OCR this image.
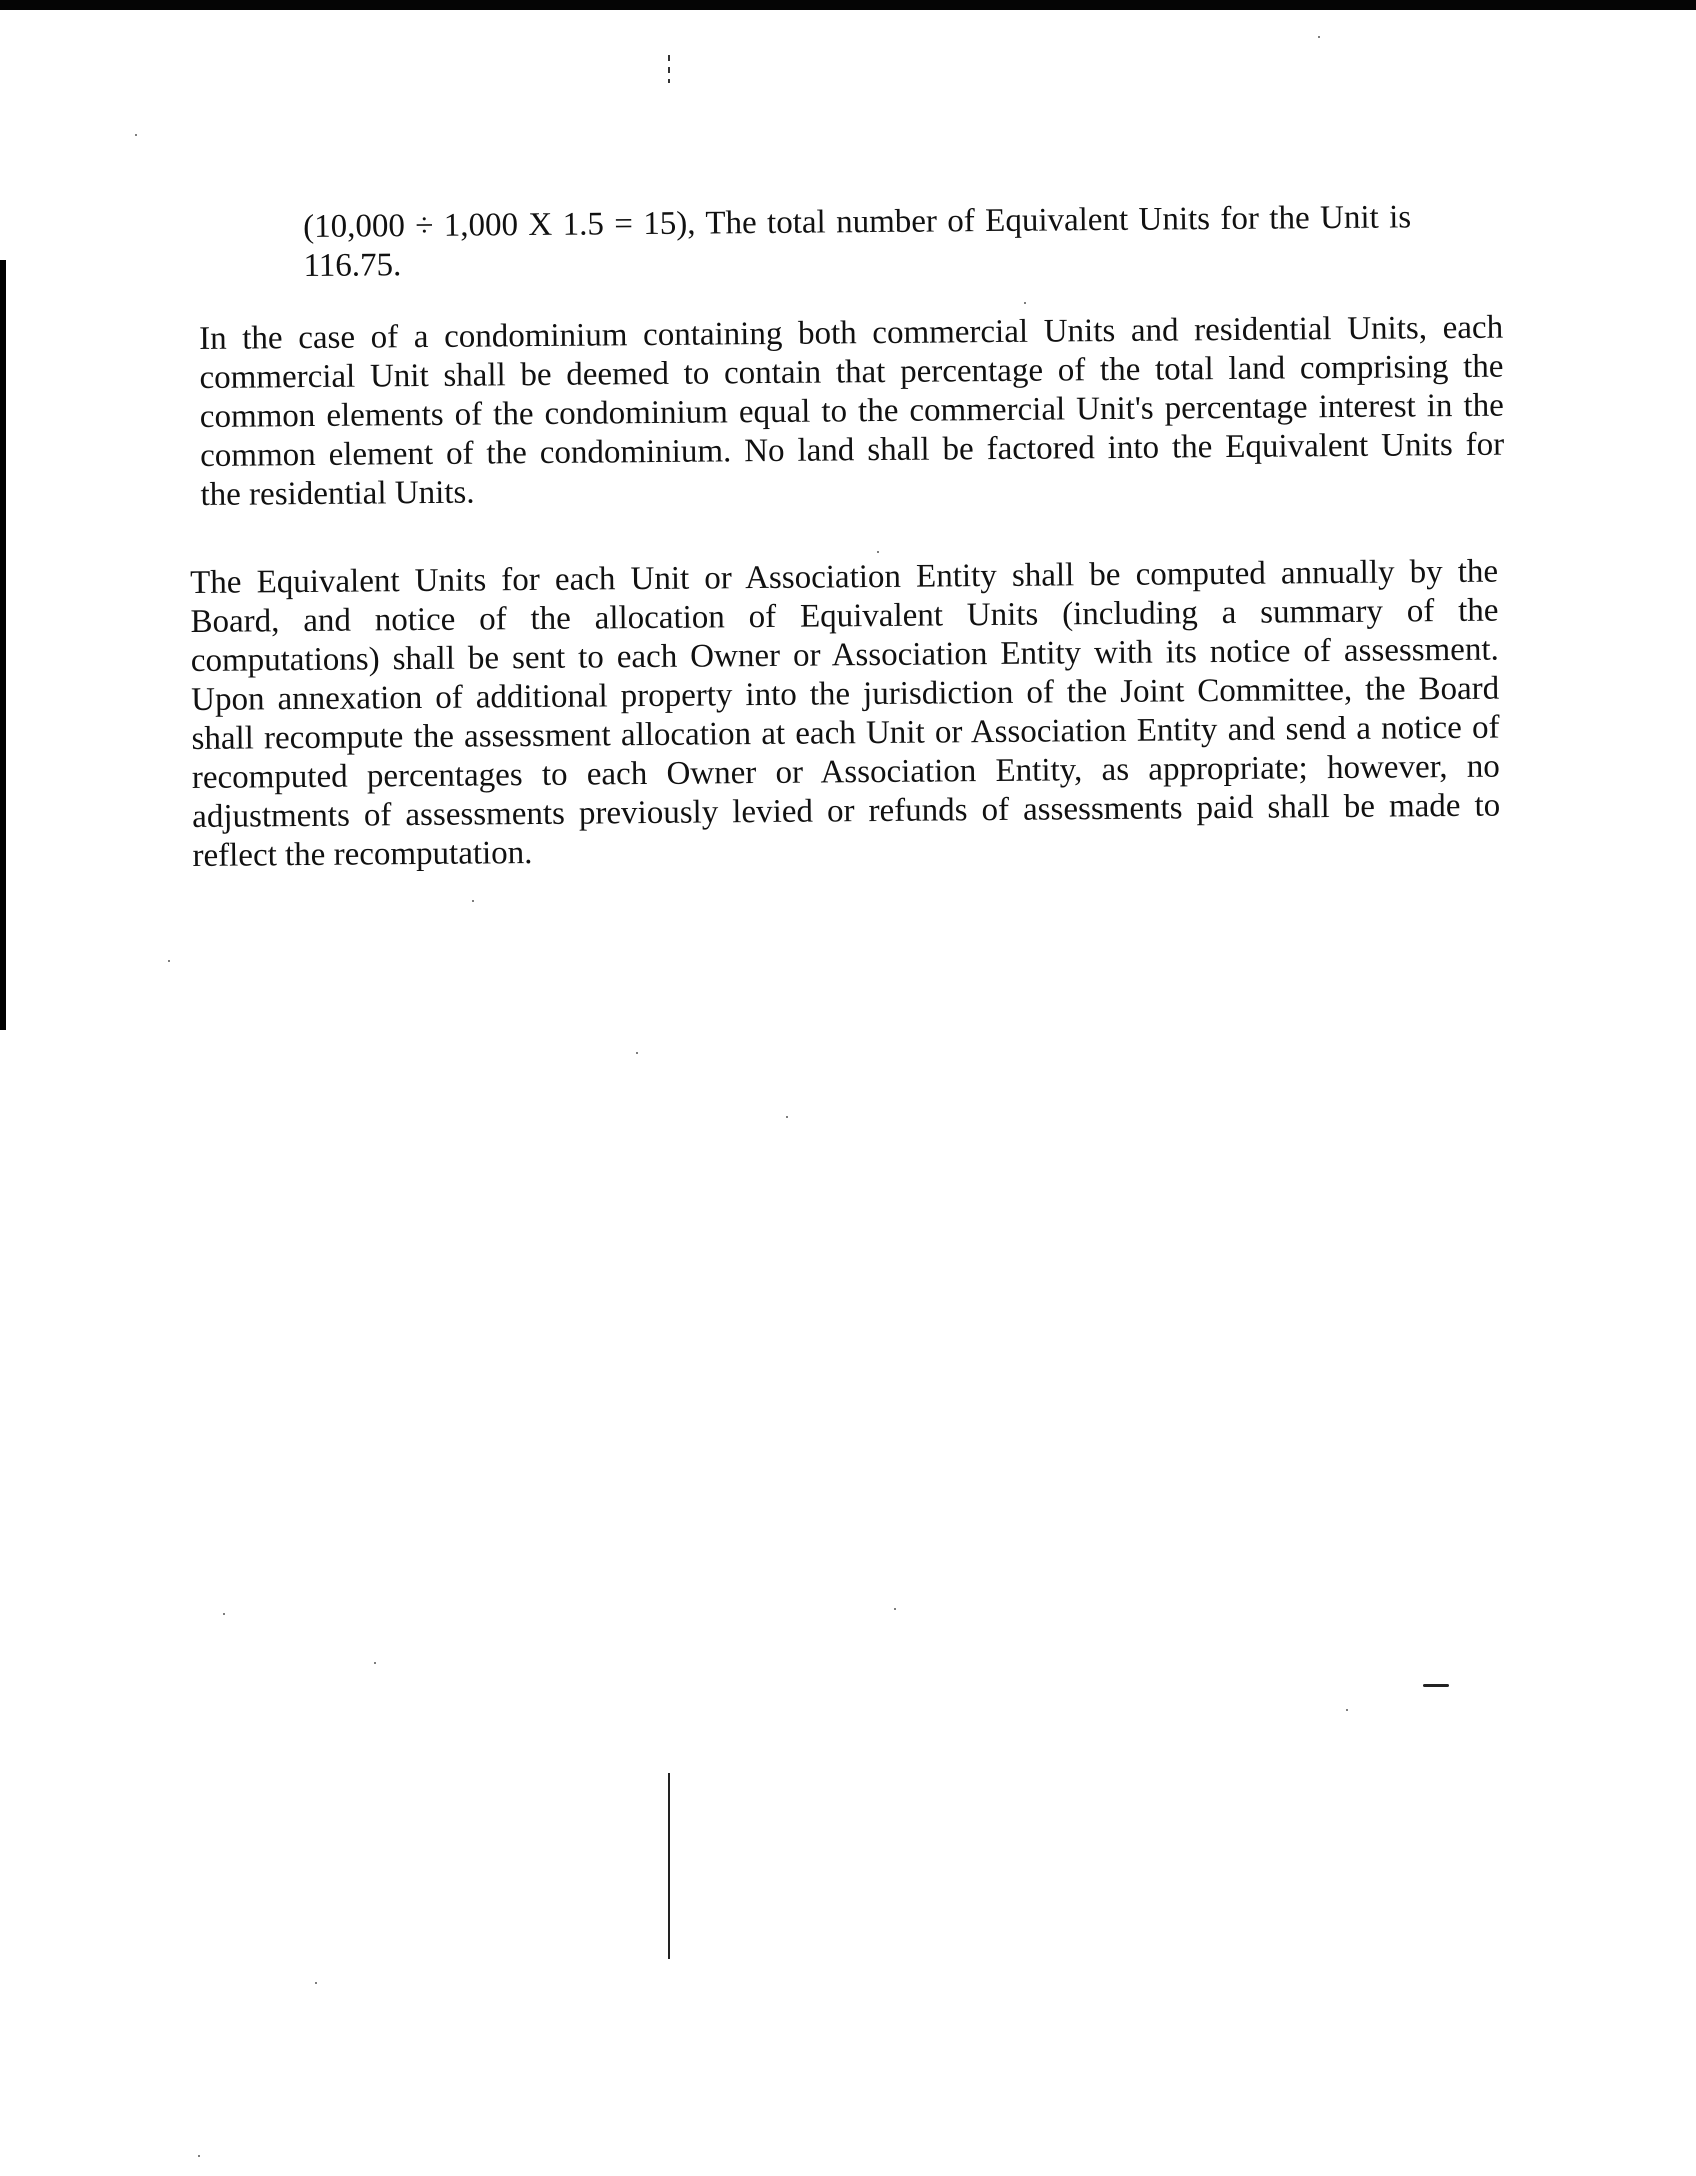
(10,000 ÷ 1,000 X 1.5 = 15), The total number of Equivalent Units for the Unit is
116.75.
In the case of a condominium containing both commercial Units and residential Units, each
commercial Unit shall be deemed to contain that percentage of the total land comprising the
common elements of the condominium equal to the commercial Unit's percentage interest in the
common element of the condominium. No land shall be factored into the Equivalent Units for
the residential Units.
The Equivalent Units for each Unit or Association Entity shall be computed annually by the
Board, and notice of the allocation of Equivalent Units (including a summary of the
computations) shall be sent to each Owner or Association Entity with its notice of assessment.
Upon annexation of additional property into the jurisdiction of the Joint Committee, the Board
shall recompute the assessment allocation at each Unit or Association Entity and send a notice of
recomputed percentages to each Owner or Association Entity, as appropriate; however, no
adjustments of assessments previously levied or refunds of assessments paid shall be made to
reflect the recomputation.
